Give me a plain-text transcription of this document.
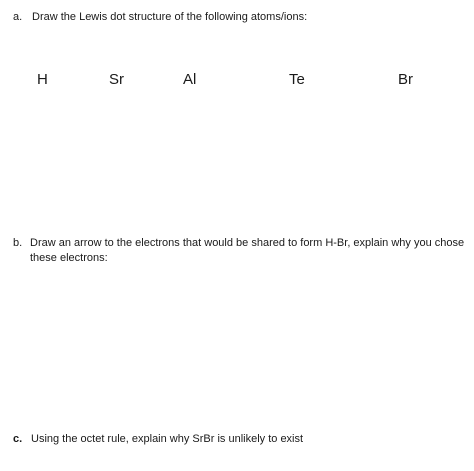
a. Draw the Lewis dot structure of the following atoms/ions:
H	Sr	Al	Te	Br
b. Draw an arrow to the electrons that would be shared to form H-Br, explain why you chose these electrons:
c. Using the octet rule, explain why SrBr is unlikely to exist
